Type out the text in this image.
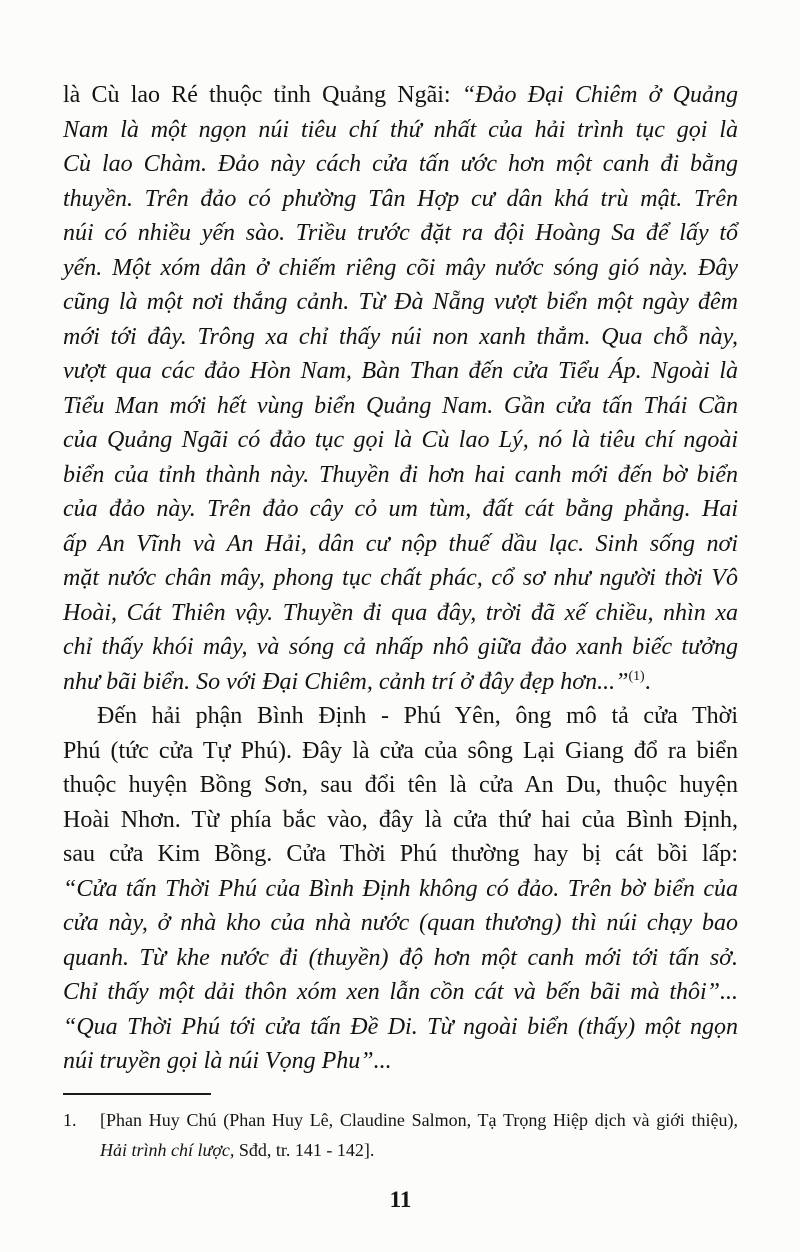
là Cù lao Ré thuộc tỉnh Quảng Ngãi: “Đảo Đại Chiêm ở Quảng
Nam là một ngọn núi tiêu chí thứ nhất của hải trình tục gọi là
Cù lao Chàm. Đảo này cách cửa tấn ước hơn một canh đi bằng
thuyền. Trên đảo có phường Tân Hợp cư dân khá trù mật. Trên
núi có nhiều yến sào. Triều trước đặt ra đội Hoàng Sa để lấy tổ
yến. Một xóm dân ở chiếm riêng cõi mây nước sóng gió này. Đây
cũng là một nơi thắng cảnh. Từ Đà Nẵng vượt biển một ngày đêm
mới tới đây. Trông xa chỉ thấy núi non xanh thẳm. Qua chỗ này,
vượt qua các đảo Hòn Nam, Bàn Than đến cửa Tiểu Áp. Ngoài là
Tiểu Man mới hết vùng biển Quảng Nam. Gần cửa tấn Thái Cần
của Quảng Ngãi có đảo tục gọi là Cù lao Lý, nó là tiêu chí ngoài
biển của tỉnh thành này. Thuyền đi hơn hai canh mới đến bờ biển
của đảo này. Trên đảo cây cỏ um tùm, đất cát bằng phẳng. Hai
ấp An Vĩnh và An Hải, dân cư nộp thuế dầu lạc. Sinh sống nơi
mặt nước chân mây, phong tục chất phác, cổ sơ như người thời Vô
Hoài, Cát Thiên vậy. Thuyền đi qua đây, trời đã xế chiều, nhìn xa
chỉ thấy khói mây, và sóng cả nhấp nhô giữa đảo xanh biếc tưởng
như bãi biển. So với Đại Chiêm, cảnh trí ở đây đẹp hơn...”$^{(1)}$.
Đến hải phận Bình Định - Phú Yên, ông mô tả cửa Thời
Phú (tức cửa Tự Phú). Đây là cửa của sông Lại Giang đổ ra biển
thuộc huyện Bồng Sơn, sau đổi tên là cửa An Du, thuộc huyện
Hoài Nhơn. Từ phía bắc vào, đây là cửa thứ hai của Bình Định,
sau cửa Kim Bồng. Cửa Thời Phú thường hay bị cát bồi lấp:
“Cửa tấn Thời Phú của Bình Định không có đảo. Trên bờ biển của
cửa này, ở nhà kho của nhà nước (quan thương) thì núi chạy bao
quanh. Từ khe nước đi (thuyền) độ hơn một canh mới tới tấn sở.
Chỉ thấy một dải thôn xóm xen lẫn cồn cát và bến bãi mà thôi”...
“Qua Thời Phú tới cửa tấn Đề Di. Từ ngoài biển (thấy) một ngọn
núi truyền gọi là núi Vọng Phu”...
1. [Phan Huy Chú (Phan Huy Lê, Claudine Salmon, Tạ Trọng Hiệp dịch và giới thiệu),
Hải trình chí lược, Sđd, tr. 141 - 142].
11
